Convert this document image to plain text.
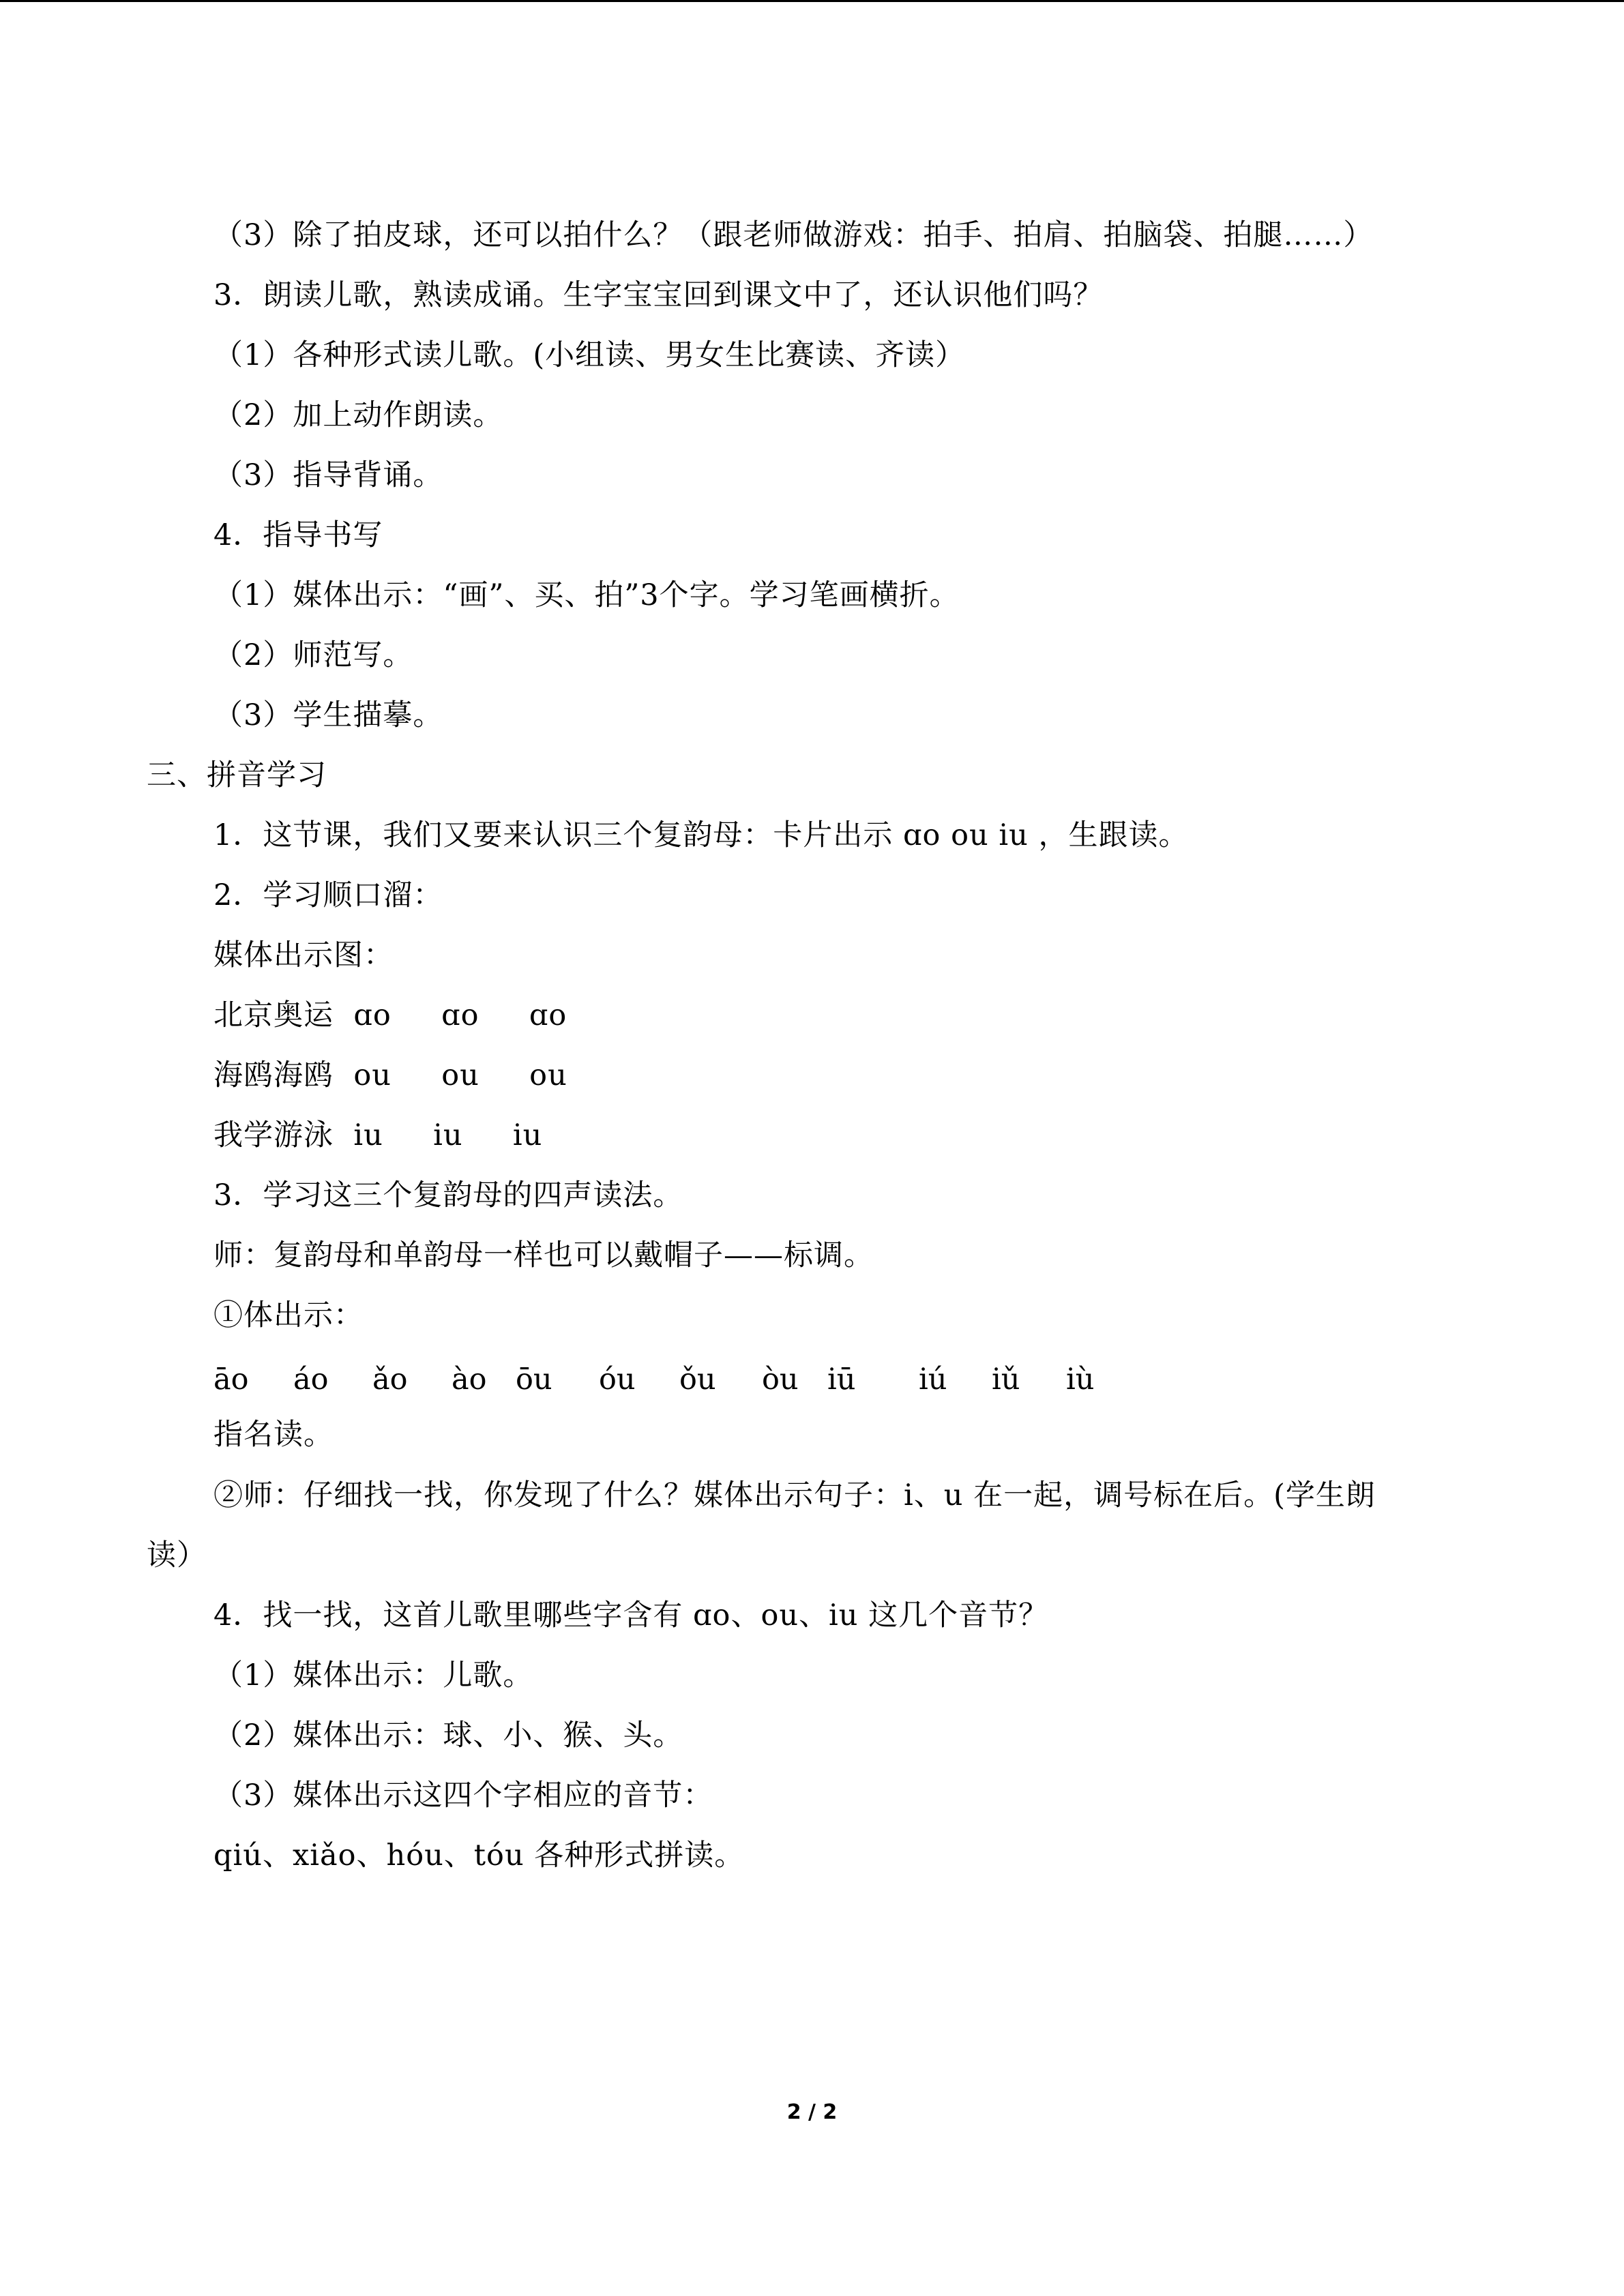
（3）除了拍皮球，还可以拍什么？（跟老师做游戏：拍手、拍肩、拍脑袋、拍腿……）
3．朗读儿歌，熟读成诵。生字宝宝回到课文中了，还认识他们吗？
（1）各种形式读儿歌。(小组读、男女生比赛读、齐读）
（2）加上动作朗读。
（3）指导背诵。
4．指导书写
（1）媒体出示：“画”、买、拍”3个字。学习笔画横折。
（2）师范写。
（3）学生描摹。
三、拼音学习
1．这节课，我们又要来认识三个复韵母：卡片出示 ɑo ou iu ，生跟读。
2．学习顺口溜：
媒体出示图：
北京奥运  ɑo     ɑo     ɑo
海鸥海鸥  ou     ou     ou
我学游泳  iu     iu     iu
3．学习这三个复韵母的四声读法。
师：复韵母和单韵母一样也可以戴帽子——标调。
①体出示：
āo áo ǎo ào ōu óu ǒu òu iū iú iǔ iù
指名读。
②师：仔细找一找，你发现了什么？媒体出示句子：i、u 在一起，调号标在后。(学生朗
读）
4．找一找，这首儿歌里哪些字含有 ɑo、ou、iu 这几个音节？
（1）媒体出示：儿歌。
（2）媒体出示：球、小、猴、头。
（3）媒体出示这四个字相应的音节：
qiú、xiǎo、hóu、tóu 各种形式拼读。
2 / 2
